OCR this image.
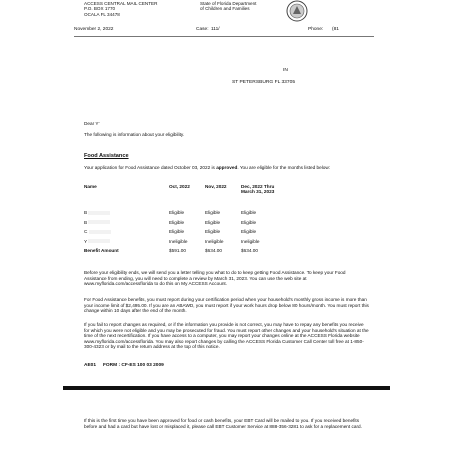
ACCESS CENTRAL MAIL CENTER
P.O. BOX 1770
OCALA FL 34478
State of Florida Department
of Children and Families
November 2, 2022	Case: 111/	Phone: (81
IN
ST PETERSBURG FL 33705
Dear Y’
The following is information about your eligibility.
Food Assistance
Your application for Food Assistance dated October 03, 2022 is approved. You are eligible for the months listed below:
Name	Oct, 2022	Nov, 2022	Dec, 2022 Thru March 31, 2023

B	Eligible	Eligible	Eligible
B	Eligible	Eligible	Eligible
C	Eligible	Eligible	Eligible
Y	Ineligible	Ineligible	Ineligible
Benefit Amount	$591.00	$634.00	$634.00
Before your eligibility ends, we will send you a letter telling you what to do to keep getting Food Assistance. To keep your Food Assistance from ending, you will need to complete a review by March 31, 2023. You can use the web site at www.myflorida.com/accessflorida to do this on My ACCESS Account.
For Food Assistance benefits, you must report during your certification period when your household's monthly gross income is more than your income limit of $2,495.00. If you are an ABAWD, you must report if your work hours drop below 80 hours/month. You must report this change within 10 days after the end of the month.
If you fail to report changes as required, or if the information you provide is not correct, you may have to repay any benefits you receive for which you were not eligible and you may be prosecuted for fraud. You must report other changes and your household's situation at the time of the next recertification. If you have access to a computer, you may report your changes online at the ACCESS Florida website www.myflorida.com/accessflorida. You may also report changes by calling the ACCESS Florida Customer Call Center toll free at 1-850-300-4323 or by mail to the return address at the top of this notice.
AE01 FORM : CF-ES 100 03 2009
If this is the first time you have been approved for food or cash benefits, your EBT Card will be mailed to you. If you received benefits before and had a card but have lost or misplaced it, please call EBT Customer Service at 888-356-3281 to ask for a replacement card.
